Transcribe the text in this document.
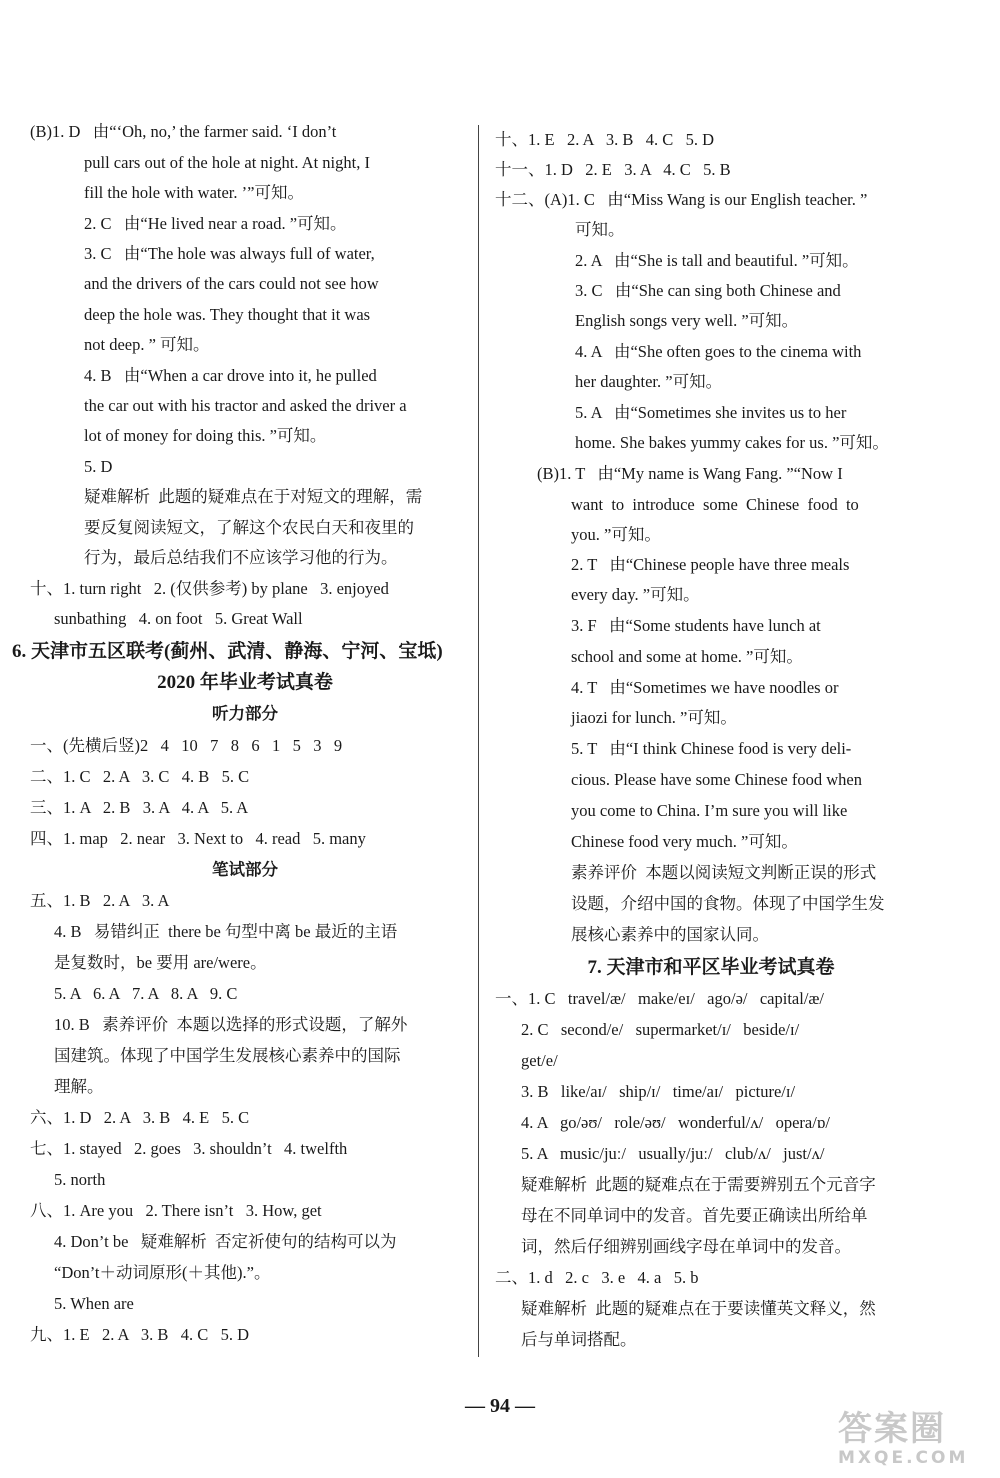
(B)1. D   由“‘Oh, no,’ the farmer said. ‘I don’t
pull cars out of the hole at night. At night, I
fill the hole with water. ’”可知。
2. C   由“He lived near a road. ”可知。
3. C   由“The hole was always full of water,
and the drivers of the cars could not see how
deep the hole was. They thought that it was
not deep. ” 可知。
4. B   由“When a car drove into it, he pulled
the car out with his tractor and asked the driver a
lot of money for doing this. ”可知。
5. D
疑难解析  此题的疑难点在于对短文的理解，需
要反复阅读短文，了解这个农民白天和夜里的
行为，最后总结我们不应该学习他的行为。
十、1. turn right   2. (仅供参考) by plane   3. enjoyed
sunbathing   4. on foot   5. Great Wall
6. 天津市五区联考(蓟州、武清、静海、宁河、宝坻)
2020 年毕业考试真卷
听力部分
一、(先横后竖)2   4   10   7   8   6   1   5   3   9
二、1. C   2. A   3. C   4. B   5. C
三、1. A   2. B   3. A   4. A   5. A
四、1. map   2. near   3. Next to   4. read   5. many
笔试部分
五、1. B   2. A   3. A
4. B   易错纠正  there be 句型中离 be 最近的主语
是复数时，be 要用 are/were。
5. A   6. A   7. A   8. A   9. C
10. B   素养评价  本题以选择的形式设题，了解外
国建筑。体现了中国学生发展核心素养中的国际
理解。
六、1. D   2. A   3. B   4. E   5. C
七、1. stayed   2. goes   3. shouldn’t   4. twelfth
5. north
八、1. Are you   2. There isn’t   3. How, get
4. Don’t be   疑难解析  否定祈使句的结构可以为
“Don’t＋动词原形(＋其他).”。
5. When are
九、1. E   2. A   3. B   4. C   5. D
十、1. E   2. A   3. B   4. C   5. D
十一、1. D   2. E   3. A   4. C   5. B
十二、(A)1. C   由“Miss Wang is our English teacher. ”
可知。
2. A   由“She is tall and beautiful. ”可知。
3. C   由“She can sing both Chinese and
English songs very well. ”可知。
4. A   由“She often goes to the cinema with
her daughter. ”可知。
5. A   由“Sometimes she invites us to her
home. She bakes yummy cakes for us. ”可知。
(B)1. T   由“My name is Wang Fang. ”“Now I
want  to  introduce  some  Chinese  food  to
you. ”可知。
2. T   由“Chinese people have three meals
every day. ”可知。
3. F   由“Some students have lunch at
school and some at home. ”可知。
4. T   由“Sometimes we have noodles or
jiaozi for lunch. ”可知。
5. T   由“I think Chinese food is very deli-
cious. Please have some Chinese food when
you come to China. I’m sure you will like
Chinese food very much. ”可知。
素养评价  本题以阅读短文判断正误的形式
设题，介绍中国的食物。体现了中国学生发
展核心素养中的国家认同。
7. 天津市和平区毕业考试真卷
一、1. C   travel/æ/   make/eɪ/   ago/ə/   capital/æ/
2. C   second/e/   supermarket/ɪ/   beside/ɪ/
get/e/
3. B   like/aɪ/   ship/ɪ/   time/aɪ/   picture/ɪ/
4. A   go/əʊ/   role/əʊ/   wonderful/ʌ/   opera/ɒ/
5. A   music/juː/   usually/juː/   club/ʌ/   just/ʌ/
疑难解析  此题的疑难点在于需要辨别五个元音字
母在不同单词中的发音。首先要正确读出所给单
词，然后仔细辨别画线字母在单词中的发音。
二、1. d   2. c   3. e   4. a   5. b
疑难解析  此题的疑难点在于要读懂英文释义，然
后与单词搭配。
— 94 —
答案圈
MXQE.COM
